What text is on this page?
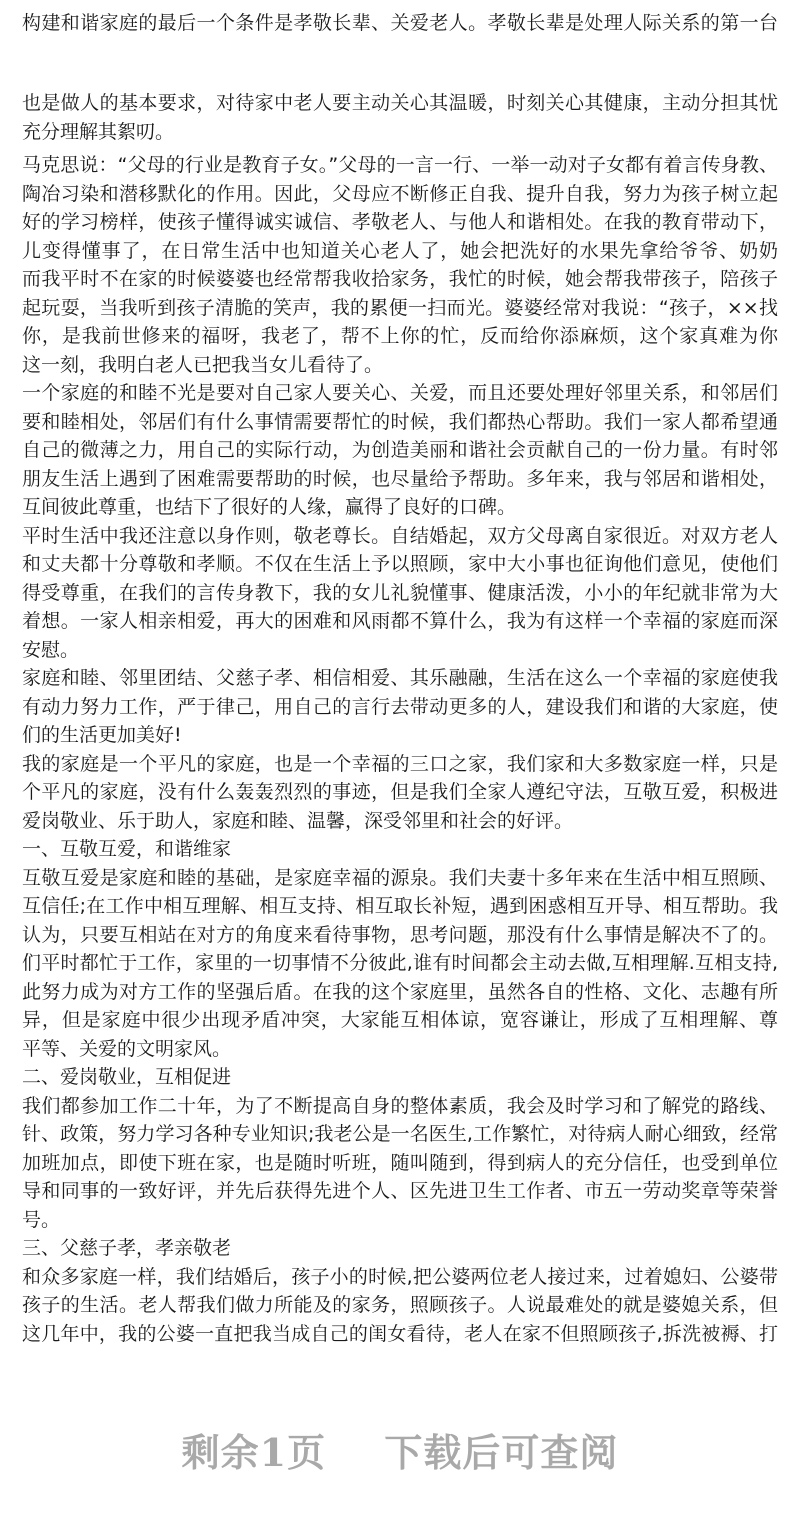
构建和谐家庭的最后一个条件是孝敬长辈、关爱老人。孝敬长辈是处理人际关系的第一台
也是做人的基本要求，对待家中老人要主动关心其温暖，时刻关心其健康，主动分担其忧
充分理解其絮叨。
马克思说：“父母的行业是教育子女。”父母的一言一行、一举一动对子女都有着言传身教、
陶冶习染和潜移默化的作用。因此，父母应不断修正自我、提升自我，努力为孩子树立起
好的学习榜样，使孩子懂得诚实诚信、孝敬老人、与他人和谐相处。在我的教育带动下，
儿变得懂事了，在日常生活中也知道关心老人了，她会把洗好的水果先拿给爷爷、奶奶
而我平时不在家的时候婆婆也经常帮我收拾家务，我忙的时候，她会帮我带孩子，陪孩子
起玩耍，当我听到孩子清脆的笑声，我的累便一扫而光。婆婆经常对我说：“孩子，××找
你，是我前世修来的福呀，我老了，帮不上你的忙，反而给你添麻烦，这个家真难为你
这一刻，我明白老人已把我当女儿看待了。
一个家庭的和睦不光是要对自己家人要关心、关爱，而且还要处理好邻里关系，和邻居们
要和睦相处，邻居们有什么事情需要帮忙的时候，我们都热心帮助。我们一家人都希望通
自己的微薄之力，用自己的实际行动，为创造美丽和谐社会贡献自己的一份力量。有时邻
朋友生活上遇到了困难需要帮助的时候，也尽量给予帮助。多年来，我与邻居和谐相处，
互间彼此尊重，也结下了很好的人缘，赢得了良好的口碑。
平时生活中我还注意以身作则，敬老尊长。自结婚起，双方父母离自家很近。对双方老人
和丈夫都十分尊敬和孝顺。不仅在生活上予以照顾，家中大小事也征询他们意见，使他们
得受尊重，在我们的言传身教下，我的女儿礼貌懂事、健康活泼，小小的年纪就非常为大
着想。一家人相亲相爱，再大的困难和风雨都不算什么，我为有这样一个幸福的家庭而深
安慰。
家庭和睦、邻里团结、父慈子孝、相信相爱、其乐融融，生活在这么一个幸福的家庭使我
有动力努力工作，严于律己，用自己的言行去带动更多的人，建设我们和谐的大家庭，使
们的生活更加美好!
我的家庭是一个平凡的家庭，也是一个幸福的三口之家，我们家和大多数家庭一样，只是
个平凡的家庭，没有什么轰轰烈烈的事迹，但是我们全家人遵纪守法，互敬互爱，积极进
爱岗敬业、乐于助人，家庭和睦、温馨，深受邻里和社会的好评。
一、互敬互爱，和谐维家
互敬互爱是家庭和睦的基础，是家庭幸福的源泉。我们夫妻十多年来在生活中相互照顾、
互信任;在工作中相互理解、相互支持、相互取长补短，遇到困惑相互开导、相互帮助。我
认为，只要互相站在对方的角度来看待事物，思考问题，那没有什么事情是解决不了的。
们平时都忙于工作，家里的一切事情不分彼此,谁有时间都会主动去做,互相理解.互相支持,
此努力成为对方工作的坚强后盾。在我的这个家庭里，虽然各自的性格、文化、志趣有所
异，但是家庭中很少出现矛盾冲突，大家能互相体谅，宽容谦让，形成了互相理解、尊
平等、关爱的文明家风。
二、爱岗敬业，互相促进
我们都参加工作二十年，为了不断提高自身的整体素质，我会及时学习和了解党的路线、
针、政策，努力学习各种专业知识;我老公是一名医生,工作繁忙，对待病人耐心细致，经常
加班加点，即使下班在家，也是随时听班，随叫随到，得到病人的充分信任，也受到单位
导和同事的一致好评，并先后获得先进个人、区先进卫生工作者、市五一劳动奖章等荣誉
号。
三、父慈子孝，孝亲敬老
和众多家庭一样，我们结婚后，孩子小的时候,把公婆两位老人接过来，过着媳妇、公婆带
孩子的生活。老人帮我们做力所能及的家务，照顾孩子。人说最难处的就是婆媳关系，但
这几年中，我的公婆一直把我当成自己的闺女看待，老人在家不但照顾孩子,拆洗被褥、打
剩余1页 下载后可查阅
